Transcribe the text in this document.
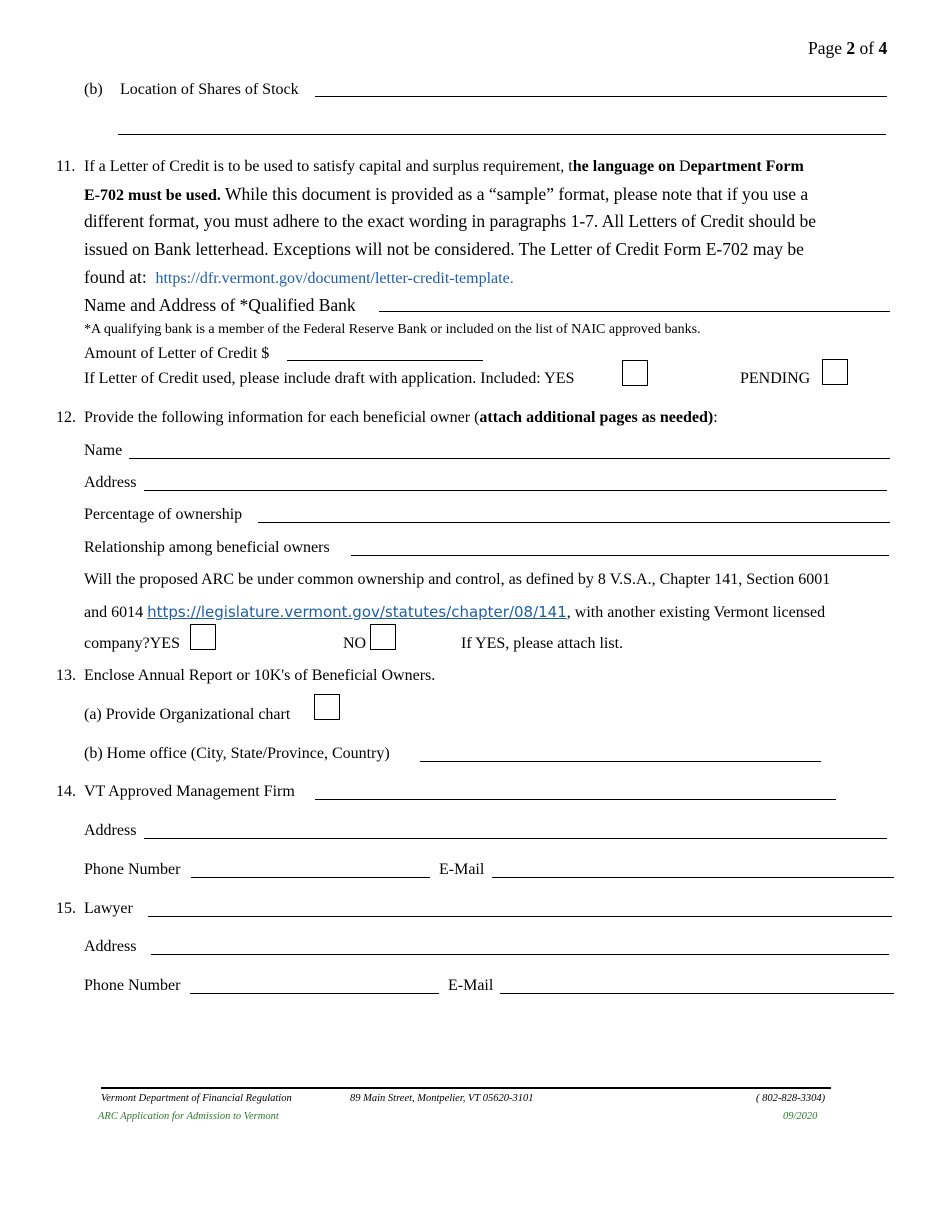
Page 2 of 4
(b) Location of Shares of Stock
11. If a Letter of Credit is to be used to satisfy capital and surplus requirement, the language on Department Form
E-702 must be used. While this document is provided as a “sample” format, please note that if you use a
different format, you must adhere to the exact wording in paragraphs 1-7. All Letters of Credit should be
issued on Bank letterhead. Exceptions will not be considered. The Letter of Credit Form E-702 may be
found at: https://dfr.vermont.gov/document/letter-credit-template.
Name and Address of *Qualified Bank
*A qualifying bank is a member of the Federal Reserve Bank or included on the list of NAIC approved banks.
Amount of Letter of Credit $
If Letter of Credit used, please include draft with application. Included: YES	PENDING
12. Provide the following information for each beneficial owner (attach additional pages as needed):
Name
Address
Percentage of ownership
Relationship among beneficial owners
Will the proposed ARC be under common ownership and control, as defined by 8 V.S.A., Chapter 141, Section 6001
and 6014 https://legislature.vermont.gov/statutes/chapter/08/141, with another existing Vermont licensed
company?YES	NO	If YES, please attach list.
13. Enclose Annual Report or 10K's of Beneficial Owners.
(a) Provide Organizational chart
(b) Home office (City, State/Province, Country)
14. VT Approved Management Firm
Address
Phone Number	E-Mail
15. Lawyer
Address
Phone Number	E-Mail
Vermont Department of Financial Regulation	89 Main Street, Montpelier, VT 05620-3101	( 802-828-3304)
ARC Application for Admission to Vermont	09/2020
